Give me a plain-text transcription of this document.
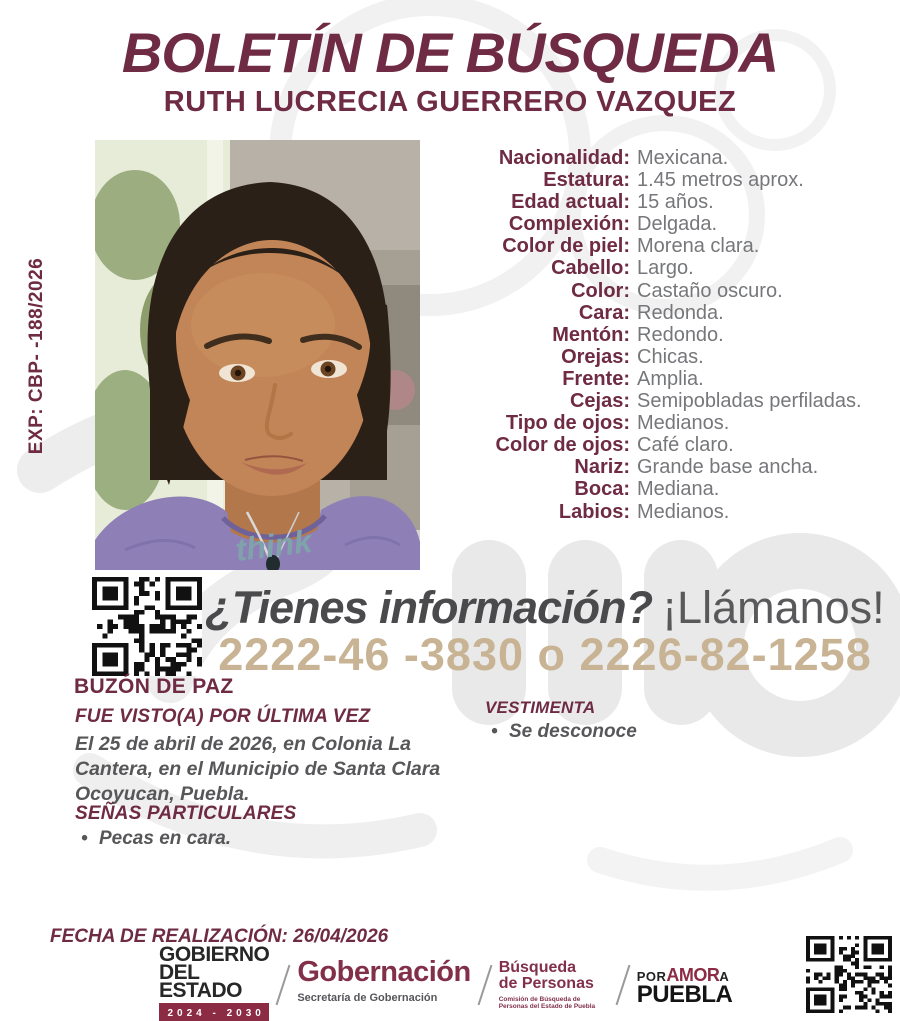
BOLETÍN DE BÚSQUEDA
RUTH LUCRECIA GUERRERO VAZQUEZ
EXP: CBP- -188/2026
think
Nacionalidad: Mexicana.
Estatura: 1.45 metros aprox.
Edad actual: 15 años.
Complexión: Delgada.
Color de piel: Morena clara.
Cabello: Largo.
Color: Castaño oscuro.
Cara: Redonda.
Mentón: Redondo.
Orejas: Chicas.
Frente: Amplia.
Cejas: Semipobladas perfiladas.
Tipo de ojos: Medianos.
Color de ojos: Café claro.
Nariz: Grande base ancha.
Boca: Mediana.
Labios: Medianos.
BUZÓN DE PAZ
¿Tienes información? ¡Llámanos!
2222-46 -3830 o 2226-82-1258
FUE VISTO(A) POR ÚLTIMA VEZ

El 25 de abril de 2026, en Colonia La Cantera, en el Municipio de Santa Clara Ocoyucan, Puebla.

VESTIMENTA
• Se desconoce
SEÑAS PARTICULARES
• Pecas en cara.
FECHA DE REALIZACIÓN: 26/04/2026
GOBIERNO
DEL ESTADO
2024 - 2030
Gobernación
Secretaría de Gobernación
Búsqueda
de Personas
Comisión de Búsqueda de Personas del Estado de Puebla
POR AMOR A
PUEBLA
